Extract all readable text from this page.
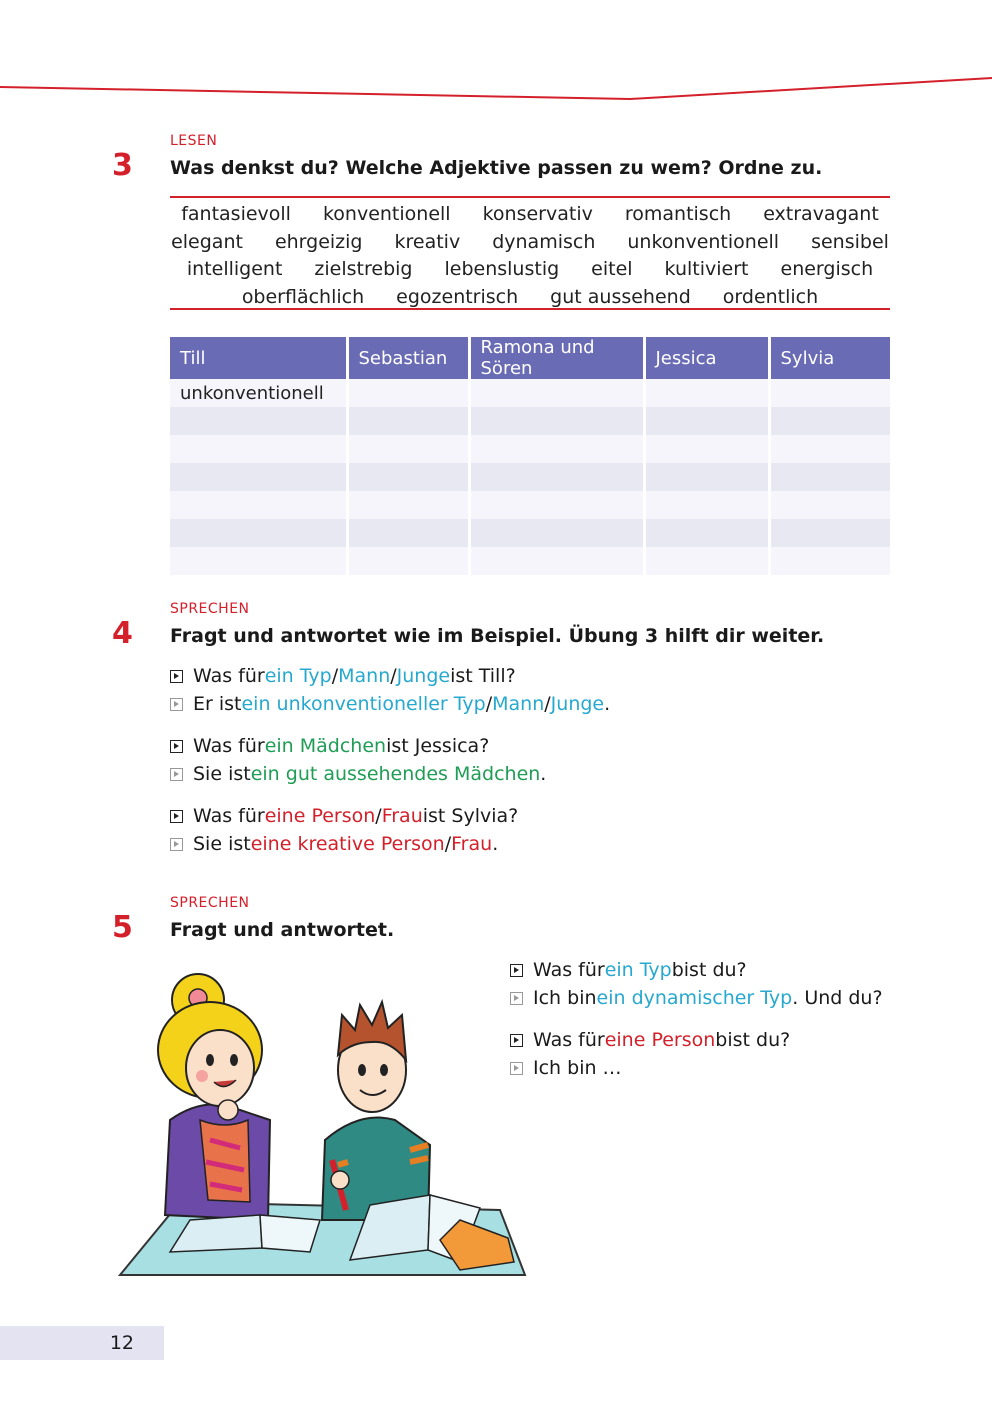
LESEN
3 Was denkst du? Welche Adjektive passen zu wem? Ordne zu.
fantasievoll konventionell konservativ romantisch extravagant
elegant ehrgeizig kreativ dynamisch unkonventionell sensibel
intelligent zielstrebig lebenslustig eitel kultiviert energisch
oberflächlich egozentrisch gut aussehend ordentlich
Till	Sebastian	Ramona und Sören	Jessica	Sylvia
unkonventionell				

SPRECHEN
4 Fragt und antwortet wie im Beispiel. Übung 3 hilft dir weiter.
Was für ein Typ / Mann / Junge ist Till?
Er ist ein unkonventioneller Typ / Mann / Junge .
Was für ein Mädchen ist Jessica?
Sie ist ein gut aussehendes Mädchen .
Was für eine Person / Frau ist Sylvia?
Sie ist eine kreative Person / Frau .
SPRECHEN
5 Fragt und antwortet.
Was für ein Typ bist du?
Ich bin ein dynamischer Typ . Und du?
Was für eine Person bist du?
Ich bin …
12
